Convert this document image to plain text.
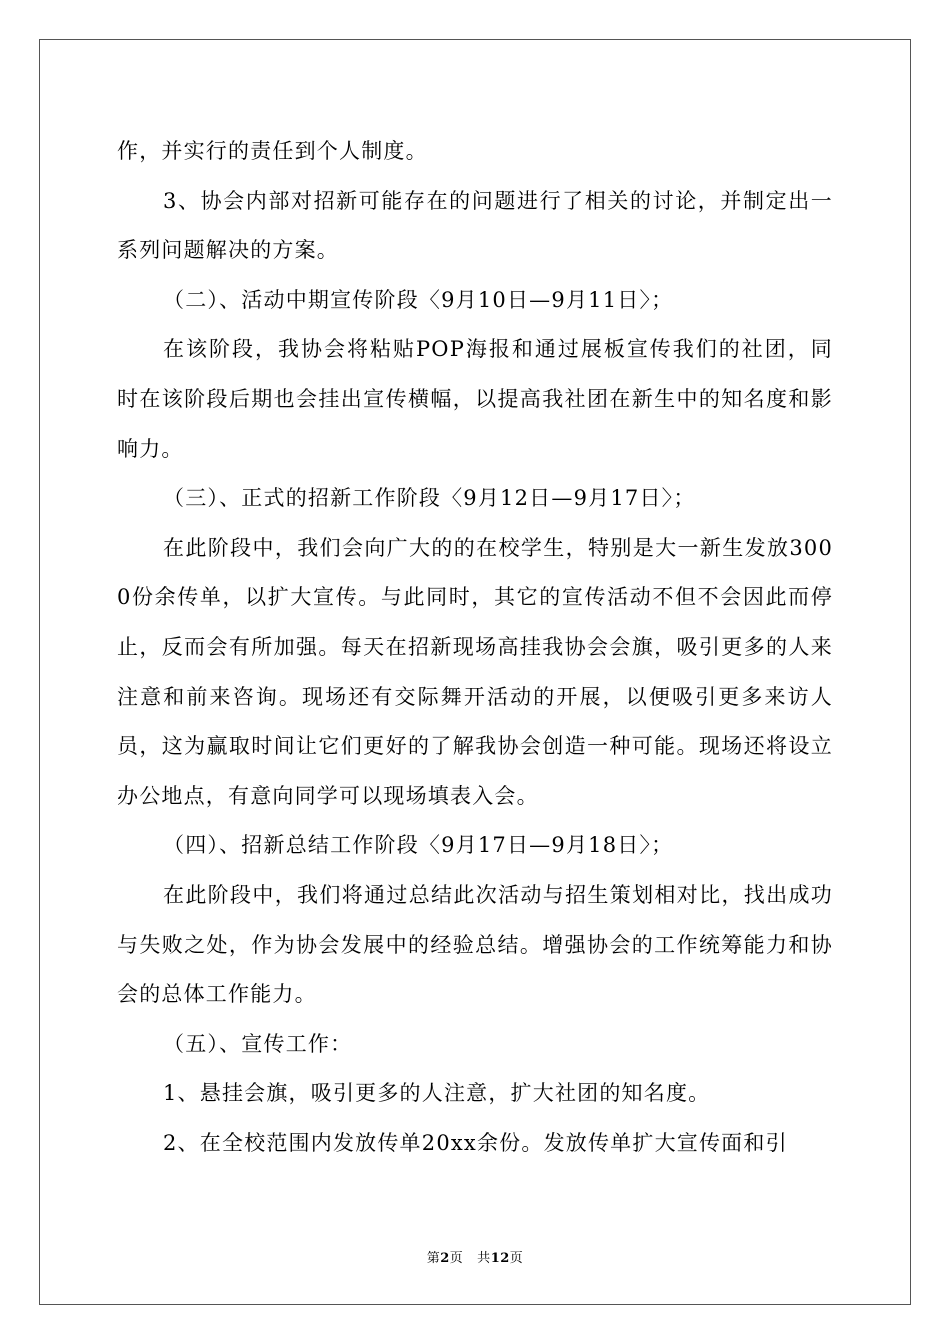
作，并实行的责任到个人制度。

3、协会内部对招新可能存在的问题进行了相关的讨论，并制定出一系列问题解决的方案。

（二）、活动中期宣传阶段〈9月10日—9月11日〉；

在该阶段，我协会将粘贴POP海报和通过展板宣传我们的社团，同时在该阶段后期也会挂出宣传横幅，以提高我社团在新生中的知名度和影响力。

（三）、正式的招新工作阶段〈9月12日—9月17日〉；

在此阶段中，我们会向广大的的在校学生，特别是大一新生发放3000份余传单，以扩大宣传。与此同时，其它的宣传活动不但不会因此而停止，反而会有所加强。每天在招新现场高挂我协会会旗，吸引更多的人来注意和前来咨询。现场还有交际舞开活动的开展，以便吸引更多来访人员，这为赢取时间让它们更好的了解我协会创造一种可能。现场还将设立办公地点，有意向同学可以现场填表入会。

（四）、招新总结工作阶段〈9月17日—9月18日〉；

在此阶段中，我们将通过总结此次活动与招生策划相对比，找出成功与失败之处，作为协会发展中的经验总结。增强协会的工作统筹能力和协会的总体工作能力。

（五）、宣传工作：

1、悬挂会旗，吸引更多的人注意，扩大社团的知名度。

2、在全校范围内发放传单20xx余份。发放传单扩大宣传面和引

第2页 共12页
